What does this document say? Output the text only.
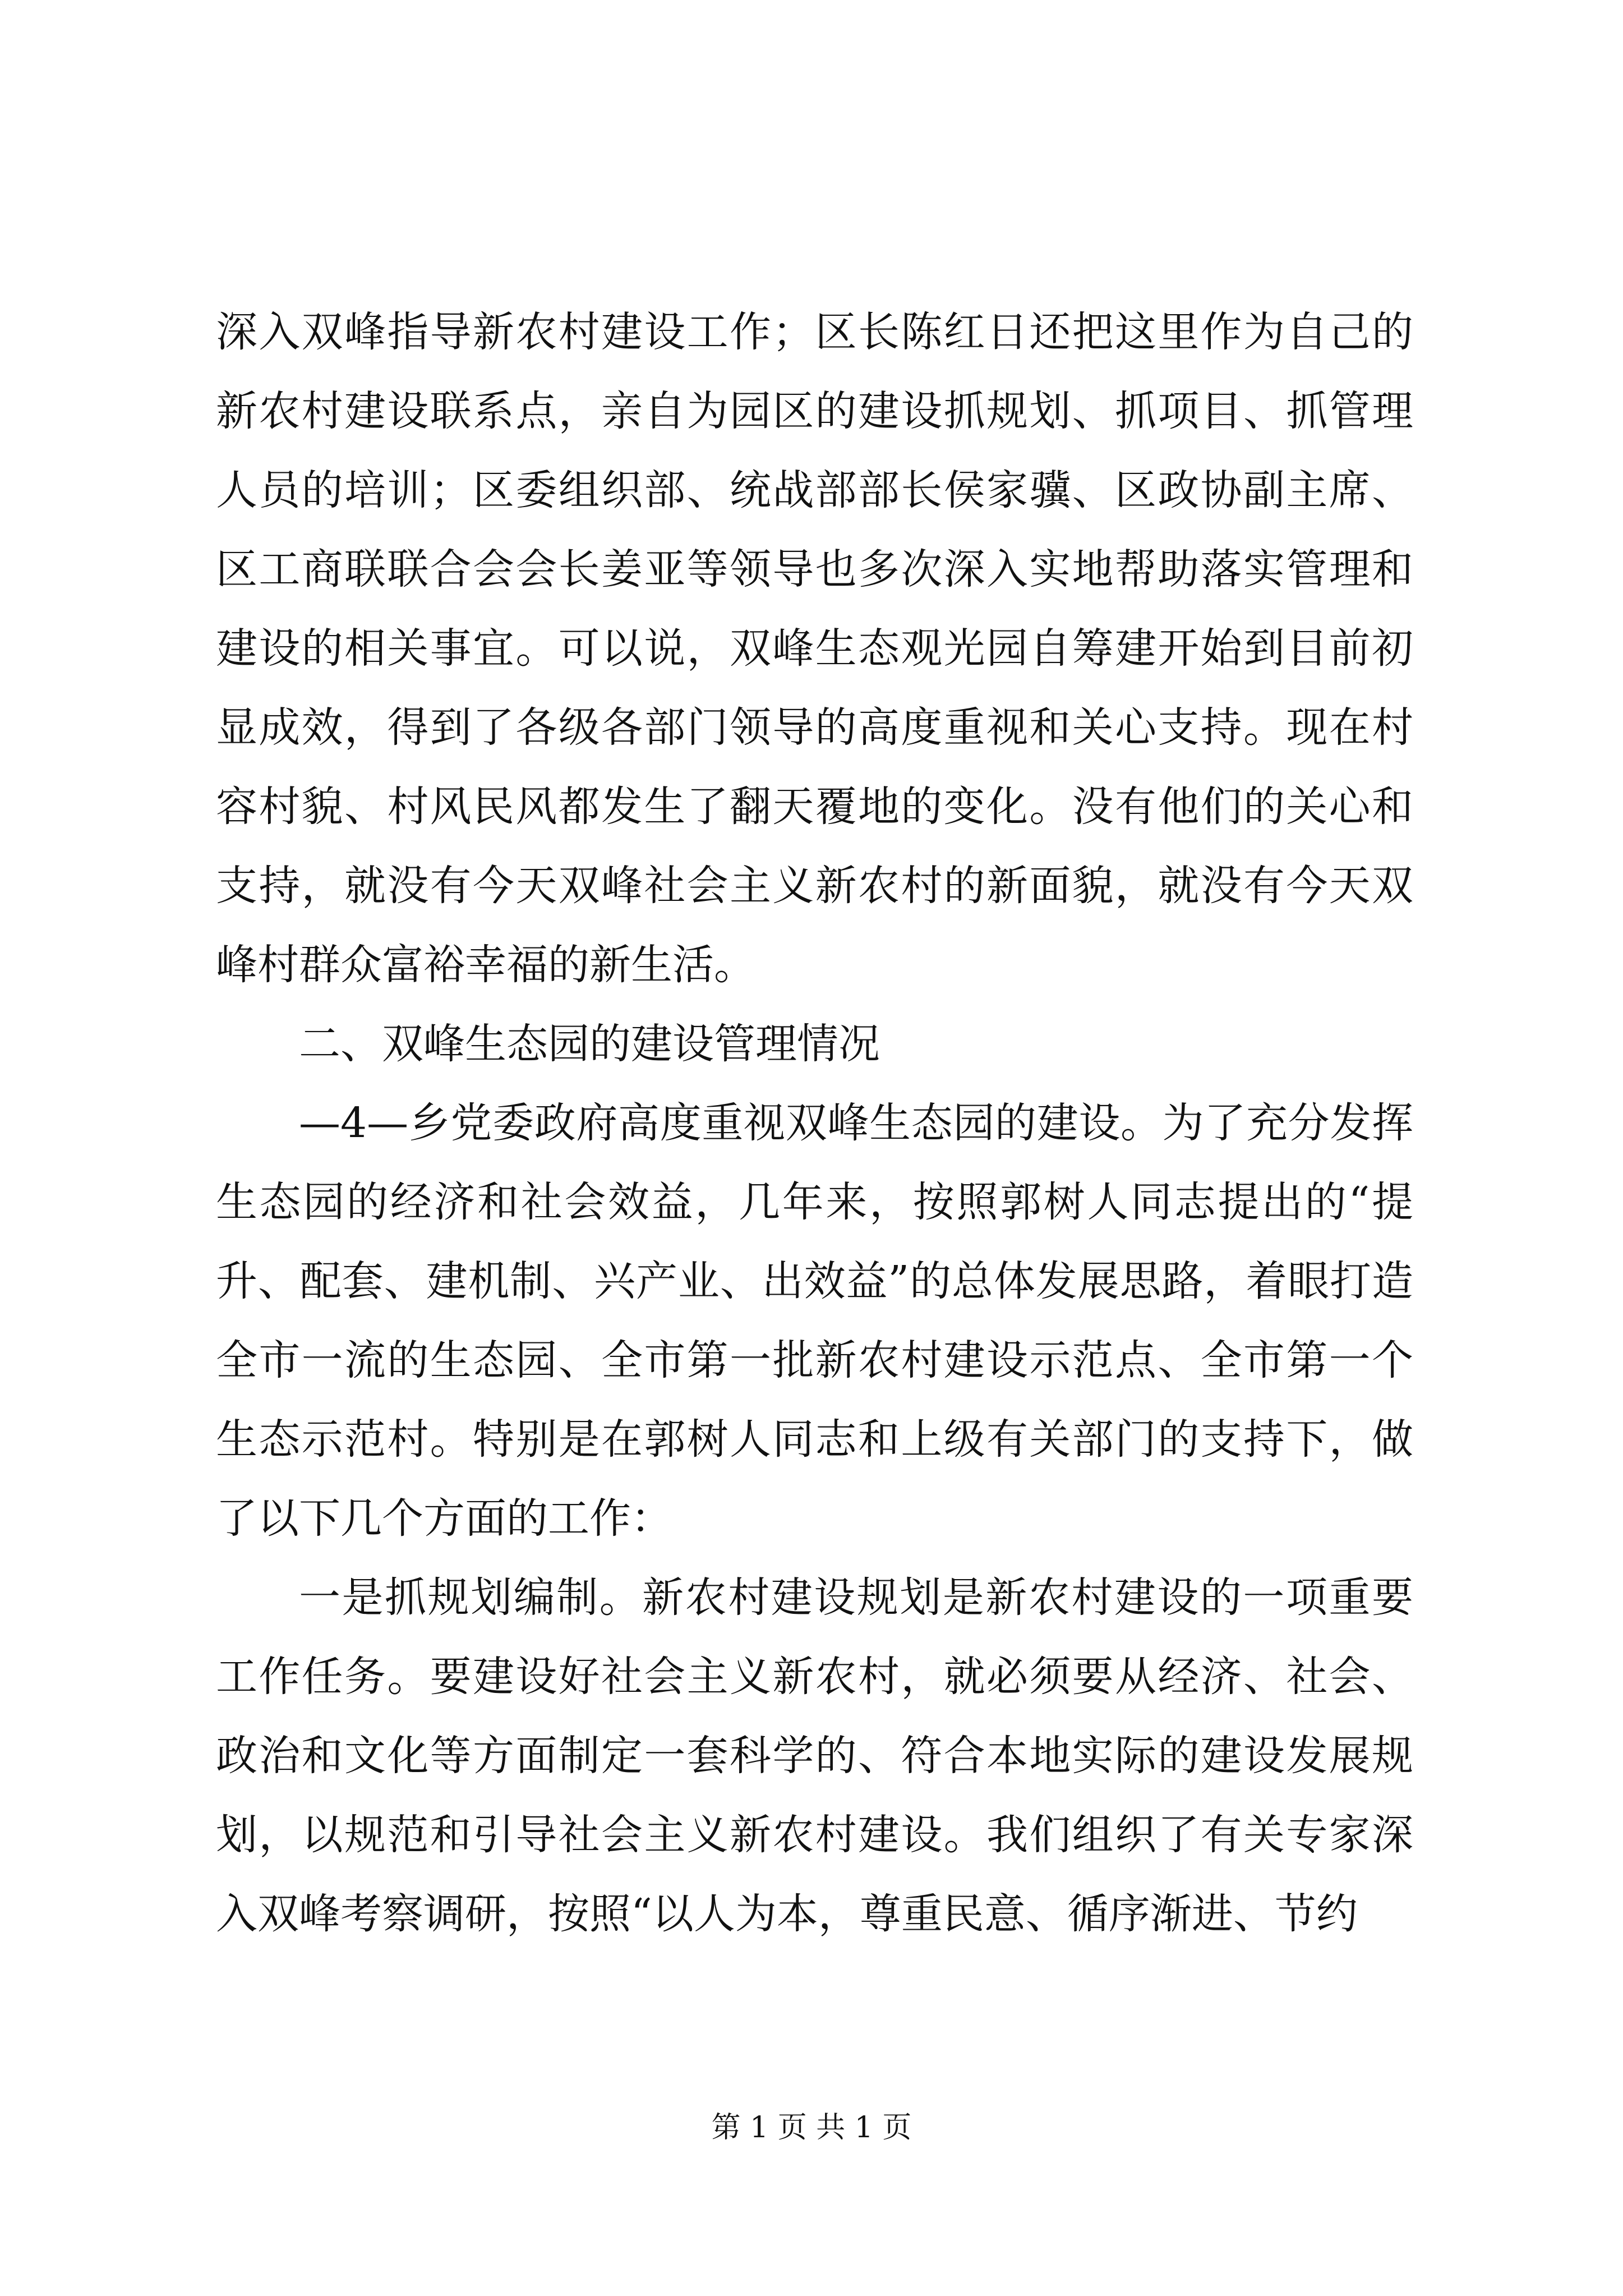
深入双峰指导新农村建设工作；区长陈红日还把这里作为自己的新农村建设联系点，亲自为园区的建设抓规划、抓项目、抓管理人员的培训；区委组织部、统战部部长侯家骥、区政协副主席、区工商联联合会会长姜亚等领导也多次深入实地帮助落实管理和建设的相关事宜。可以说，双峰生态观光园自筹建开始到目前初显成效，得到了各级各部门领导的高度重视和关心支持。现在村容村貌、村风民风都发生了翻天覆地的变化。没有他们的关心和支持，就没有今天双峰社会主义新农村的新面貌，就没有今天双峰村群众富裕幸福的新生活。

二、双峰生态园的建设管理情况

—4—乡党委政府高度重视双峰生态园的建设。为了充分发挥生态园的经济和社会效益，几年来，按照郭树人同志提出的“提升、配套、建机制、兴产业、出效益”的总体发展思路，着眼打造全市一流的生态园、全市第一批新农村建设示范点、全市第一个生态示范村。特别是在郭树人同志和上级有关部门的支持下，做了以下几个方面的工作：

一是抓规划编制。新农村建设规划是新农村建设的一项重要工作任务。要建设好社会主义新农村，就必须要从经济、社会、政治和文化等方面制定一套科学的、符合本地实际的建设发展规划，以规范和引导社会主义新农村建设。我们组织了有关专家深入双峰考察调研，按照“以人为本，尊重民意、循序渐进、节约

第 1 页 共 1 页
